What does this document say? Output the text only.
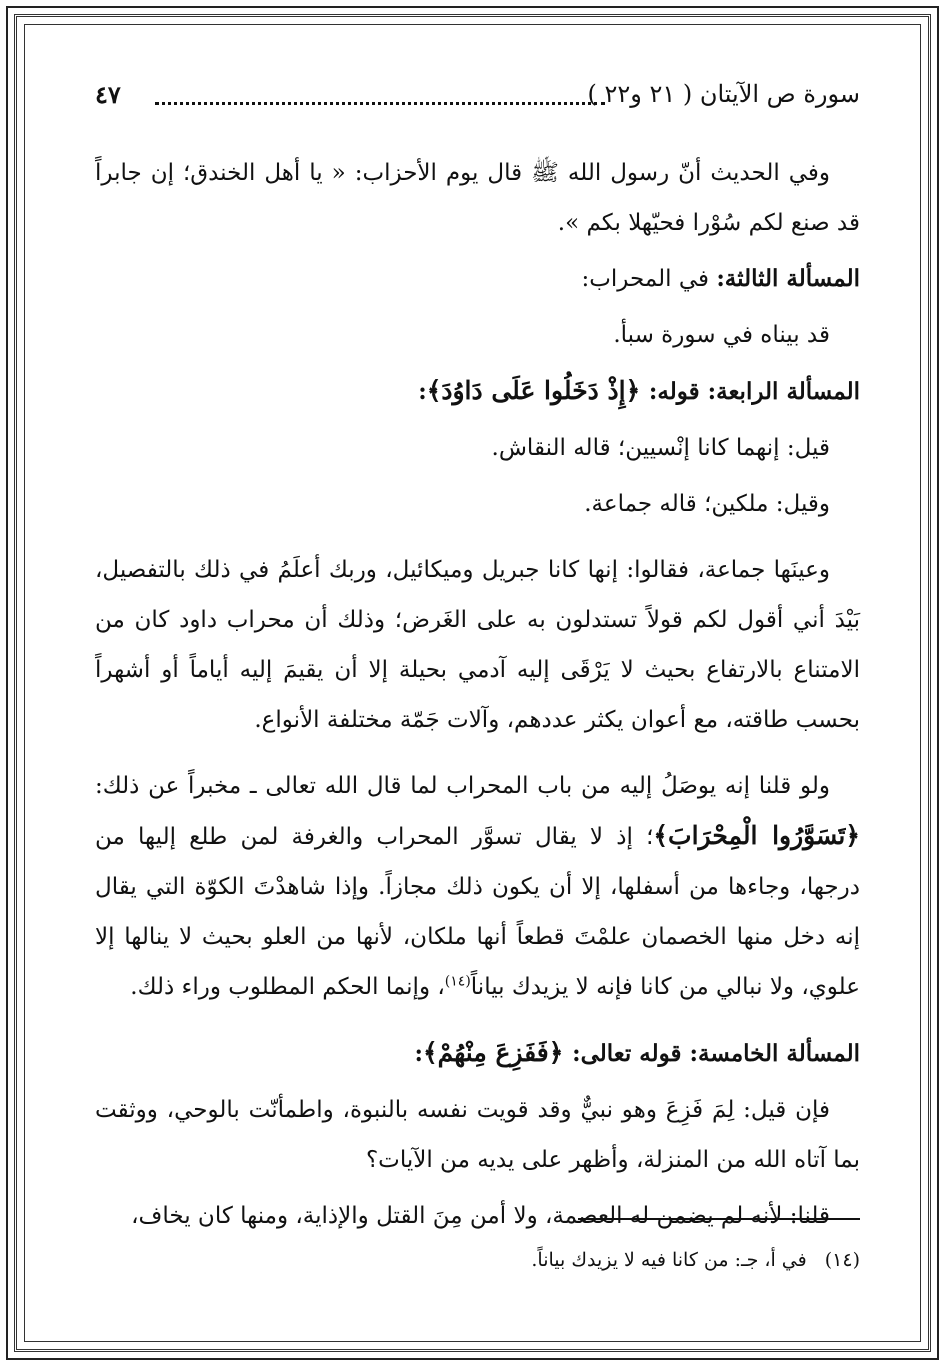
سورة ص الآيتان ( ٢١ و٢٢ )
٤٧

وفي الحديث أنّ رسول الله ﷺ قال يوم الأحزاب: « يا أهل الخندق؛ إن جابراً قد صنع لكم سُوْرا فحيّهلا بكم ».

المسألة الثالثة: في المحراب:

قد بيناه في سورة سبأ.

المسألة الرابعة: قوله: ﴿إِذْ دَخَلُوا عَلَى دَاوُدَ﴾:

قيل: إنهما كانا إنْسيين؛ قاله النقاش.

وقيل: ملكين؛ قاله جماعة.

وعينَها جماعة، فقالوا: إنها كانا جبريل وميكائيل، وربك أعلَمُ في ذلك بالتفصيل، بَيْدَ أني أقول لكم قولاً تستدلون به على الغَرض؛ وذلك أن محراب داود كان من الامتناع بالارتفاع بحيث لا يَرْقَى إليه آدمي بحيلة إلا أن يقيمَ إليه أياماً أو أشهراً بحسب طاقته، مع أعوان يكثر عددهم، وآلات جَمّة مختلفة الأنواع.

ولو قلنا إنه يوصَلُ إليه من باب المحراب لما قال الله تعالى ـ مخبراً عن ذلك: ﴿تَسَوَّرُوا الْمِحْرَابَ﴾؛ إذ لا يقال تسوَّر المحراب والغرفة لمن طلع إليها من درجها، وجاءها من أسفلها، إلا أن يكون ذلك مجازاً. وإذا شاهدْتَ الكوّة التي يقال إنه دخل منها الخصمان علمْتَ قطعاً أنها ملكان، لأنها من العلو بحيث لا ينالها إلا علوي، ولا نبالي من كانا فإنه لا يزيدك بياناً$^{(١٤)}$، وإنما الحكم المطلوب وراء ذلك.

المسألة الخامسة: قوله تعالى: ﴿فَفَزِعَ مِنْهُمْ﴾:

فإن قيل: لِمَ فَزِعَ وهو نبيٌّ وقد قويت نفسه بالنبوة، واطمأنّت بالوحي، ووثقت بما آتاه الله من المنزلة، وأظهر على يديه من الآيات؟

قلنا: لأنه لم يضمن له العصمة، ولا أمن مِنَ القتل والإذاية، ومنها كان يخاف،

(١٤)في أ، جـ: من كانا فيه لا يزيدك بياناً.
